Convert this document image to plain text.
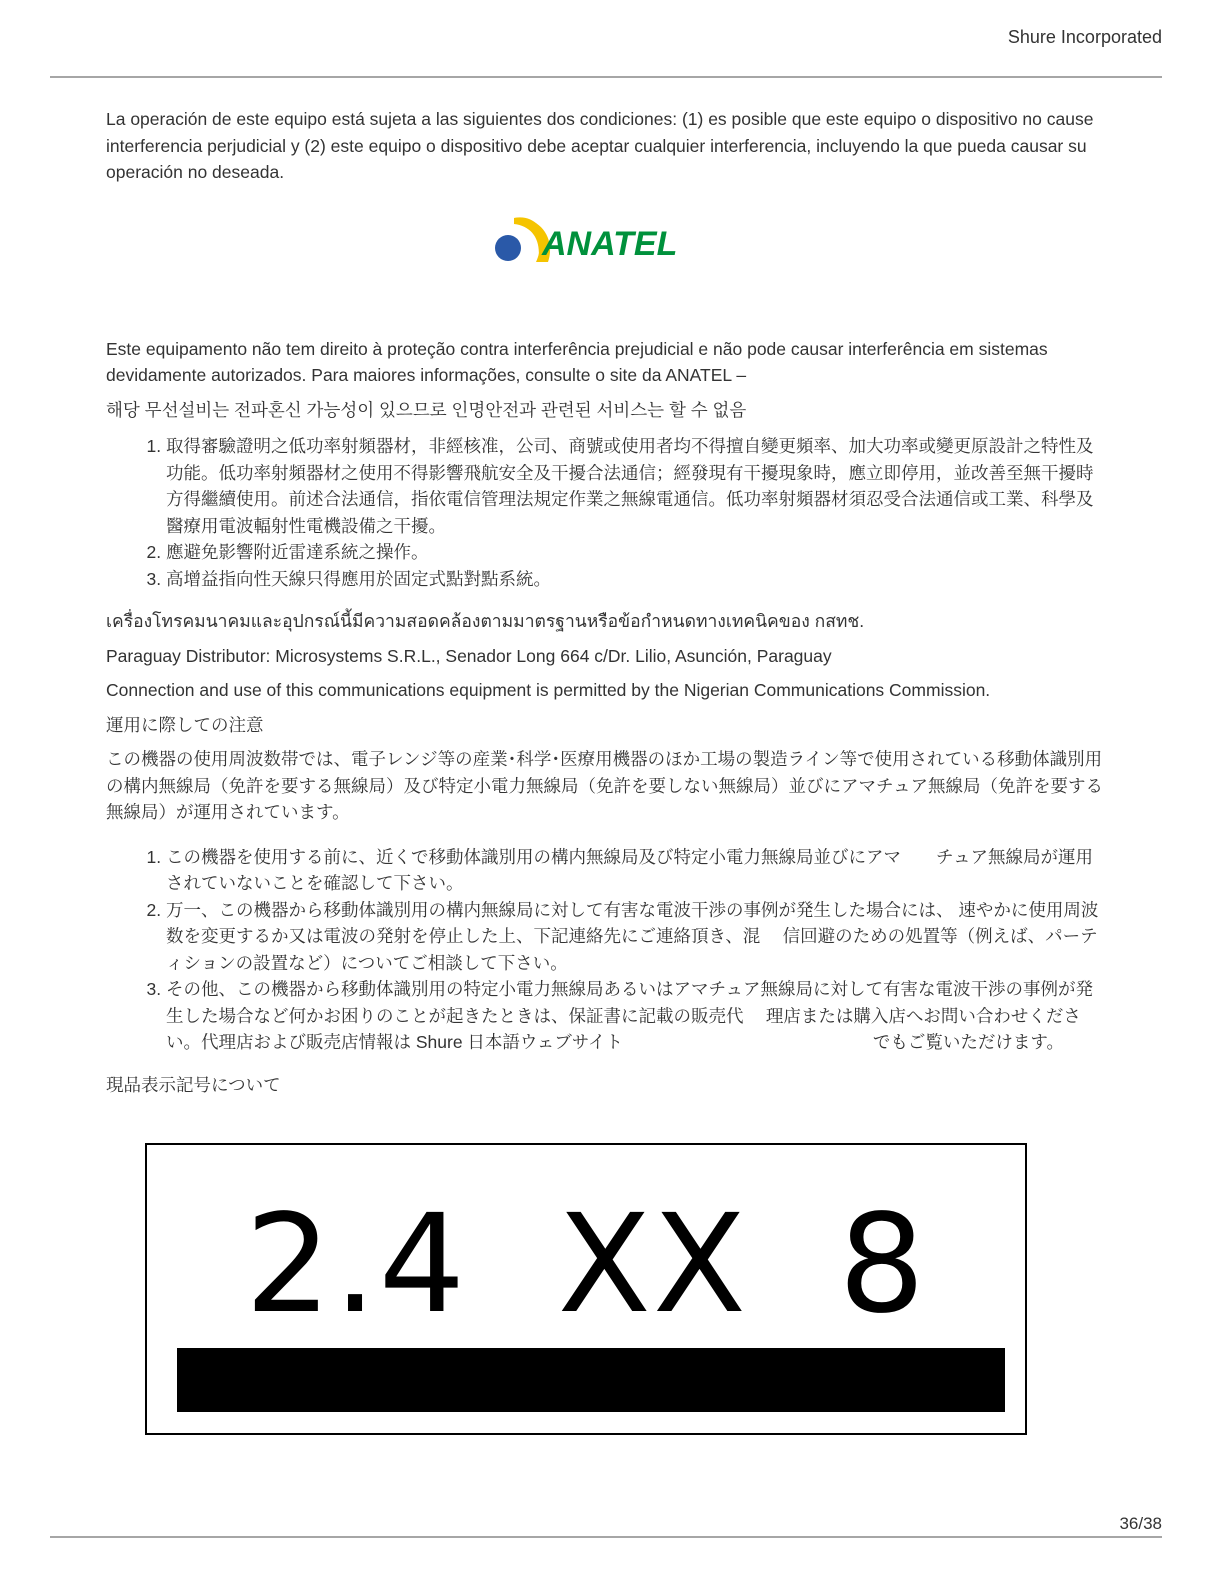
Shure Incorporated

La operación de este equipo está sujeta a las siguientes dos condiciones: (1) es posible que este equipo o dispositivo no cause interferencia perjudicial y (2) este equipo o dispositivo debe aceptar cualquier interferencia, incluyendo la que pueda causar su operación no deseada.

ANATEL

Este equipamento não tem direito à proteção contra interferência prejudicial e não pode causar interferência em sistemas devidamente autorizados. Para maiores informações, consulte o site da ANATEL –

해당 무선설비는 전파혼신 가능성이 있으므로 인명안전과 관련된 서비스는 할 수 없음

1. 取得審驗證明之低功率射頻器材，非經核准，公司、商號或使用者均不得擅自變更頻率、加大功率或變更原設計之特性及功能。低功率射頻器材之使用不得影響飛航安全及干擾合法通信；經發現有干擾現象時，應立即停用，並改善至無干擾時方得繼續使用。前述合法通信，指依電信管理法規定作業之無線電通信。低功率射頻器材須忍受合法通信或工業、科學及醫療用電波輻射性電機設備之干擾。
2. 應避免影響附近雷達系統之操作。
3. 高增益指向性天線只得應用於固定式點對點系統。

เครื่องโทรคมนาคมและอุปกรณ์นี้มีความสอดคล้องตามมาตรฐานหรือข้อกำหนดทางเทคนิคของ กสทช.

Paraguay Distributor: Microsystems S.R.L., Senador Long 664 c/Dr. Lilio, Asunción, Paraguay

Connection and use of this communications equipment is permitted by the Nigerian Communications Commission.

運用に際しての注意

この機器の使用周波数帯では、電子レンジ等の産業･科学･医療用機器のほか工場の製造ライン等で使用されている移動体識別用の構内無線局（免許を要する無線局）及び特定小電力無線局（免許を要しない無線局）並びにアマチュア無線局（免許を要する無線局）が運用されています。

1. この機器を使用する前に、近くで移動体識別用の構内無線局及び特定小電力無線局並びにアマ　　チュア無線局が運用されていないことを確認して下さい。
2. 万一、この機器から移動体識別用の構内無線局に対して有害な電波干渉の事例が発生した場合には、 速やかに使用周波数を変更するか又は電波の発射を停止した上、下記連絡先にご連絡頂き、混　 信回避のための処置等（例えば、パーティションの設置など）についてご相談して下さい。
3. その他、この機器から移動体識別用の特定小電力無線局あるいはアマチュア無線局に対して有害な電波干渉の事例が発生した場合など何かお困りのことが起きたときは、保証書に記載の販売代　 理店または購入店へお問い合わせください。代理店および販売店情報は Shure 日本語ウェブサイト　　　　　　　　　　　　　　 でもご覧いただけます。

現品表示記号について

2.4 XX 8
36/38
